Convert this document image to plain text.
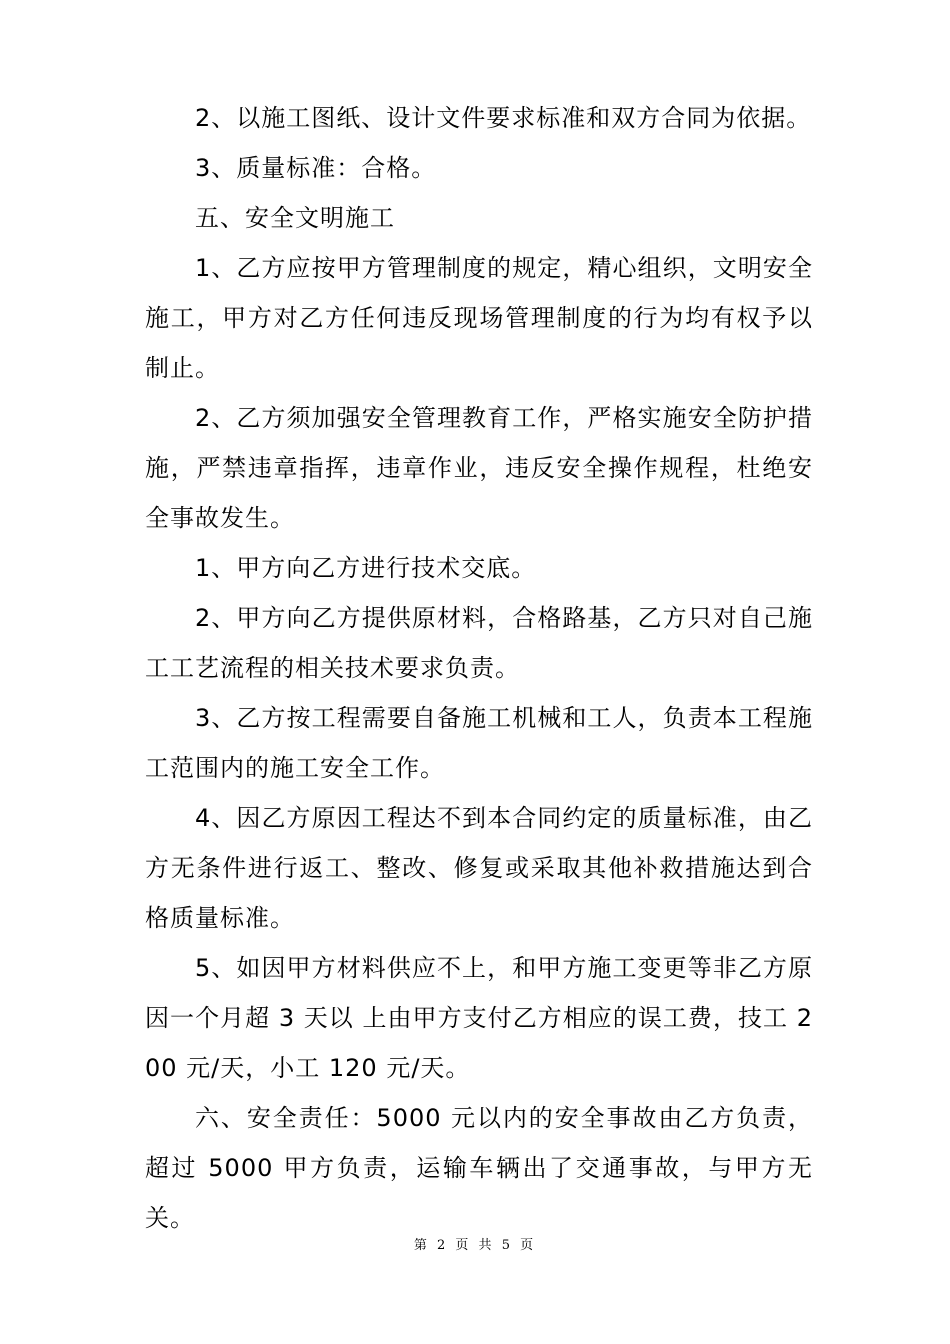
2、以施工图纸、设计文件要求标准和双方合同为依据。

3、质量标准：合格。

五、安全文明施工

1、乙方应按甲方管理制度的规定，精心组织，文明安全施工，甲方对乙方任何违反现场管理制度的行为均有权予以制止。

2、乙方须加强安全管理教育工作，严格实施安全防护措施，严禁违章指挥，违章作业，违反安全操作规程，杜绝安全事故发生。

1、甲方向乙方进行技术交底。

2、甲方向乙方提供原材料，合格路基，乙方只对自己施工工艺流程的相关技术要求负责。

3、乙方按工程需要自备施工机械和工人，负责本工程施工范围内的施工安全工作。

4、因乙方原因工程达不到本合同约定的质量标准，由乙方无条件进行返工、整改、修复或采取其他补救措施达到合格质量标准。

5、如因甲方材料供应不上，和甲方施工变更等非乙方原因一个月超 3 天以 上由甲方支付乙方相应的误工费，技工 200 元/天，小工 120 元/天。

六、安全责任：5000 元以内的安全事故由乙方负责，超过 5000 甲方负责，运输车辆出了交通事故，与甲方无关。

第 2 页 共 5 页
